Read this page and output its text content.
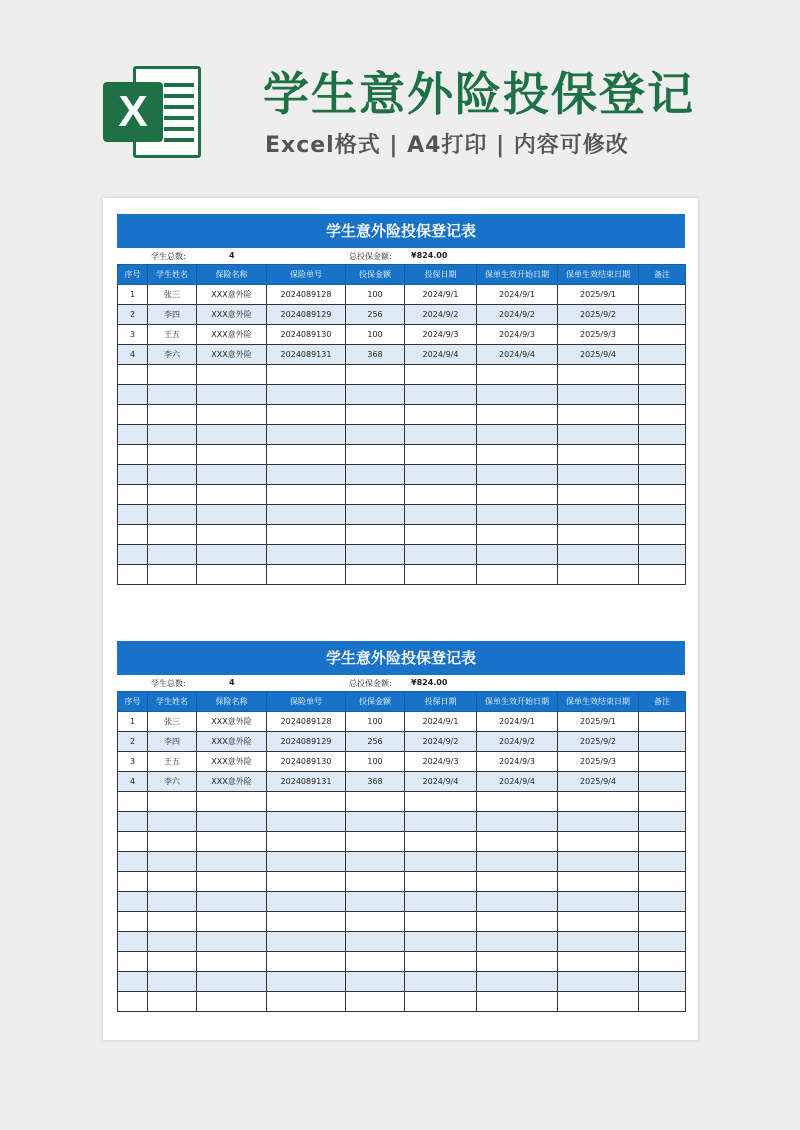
X	学生意外险投保登记
Excel格式 | A4打印 | 内容可修改
学生意外险投保登记表
学生总数:	4	总投保金额: ¥824.00
序号	学生姓名	保险名称	保险单号	投保金额	投保日期	保单生效开始日期	保单生效结束日期	备注
1	张三	XXX意外险	2024089128	100	2024/9/1	2024/9/1	2025/9/1	
2	李四	XXX意外险	2024089129	256	2024/9/2	2024/9/2	2025/9/2	
3	王五	XXX意外险	2024089130	100	2024/9/3	2024/9/3	2025/9/3	
4	李六	XXX意外险	2024089131	368	2024/9/4	2024/9/4	2025/9/4	

学生意外险投保登记表
学生总数:	4	总投保金额: ¥824.00
序号	学生姓名	保险名称	保险单号	投保金额	投保日期	保单生效开始日期	保单生效结束日期	备注
1	张三	XXX意外险	2024089128	100	2024/9/1	2024/9/1	2025/9/1	
2	李四	XXX意外险	2024089129	256	2024/9/2	2024/9/2	2025/9/2	
3	王五	XXX意外险	2024089130	100	2024/9/3	2024/9/3	2025/9/3	
4	李六	XXX意外险	2024089131	368	2024/9/4	2024/9/4	2025/9/4	
